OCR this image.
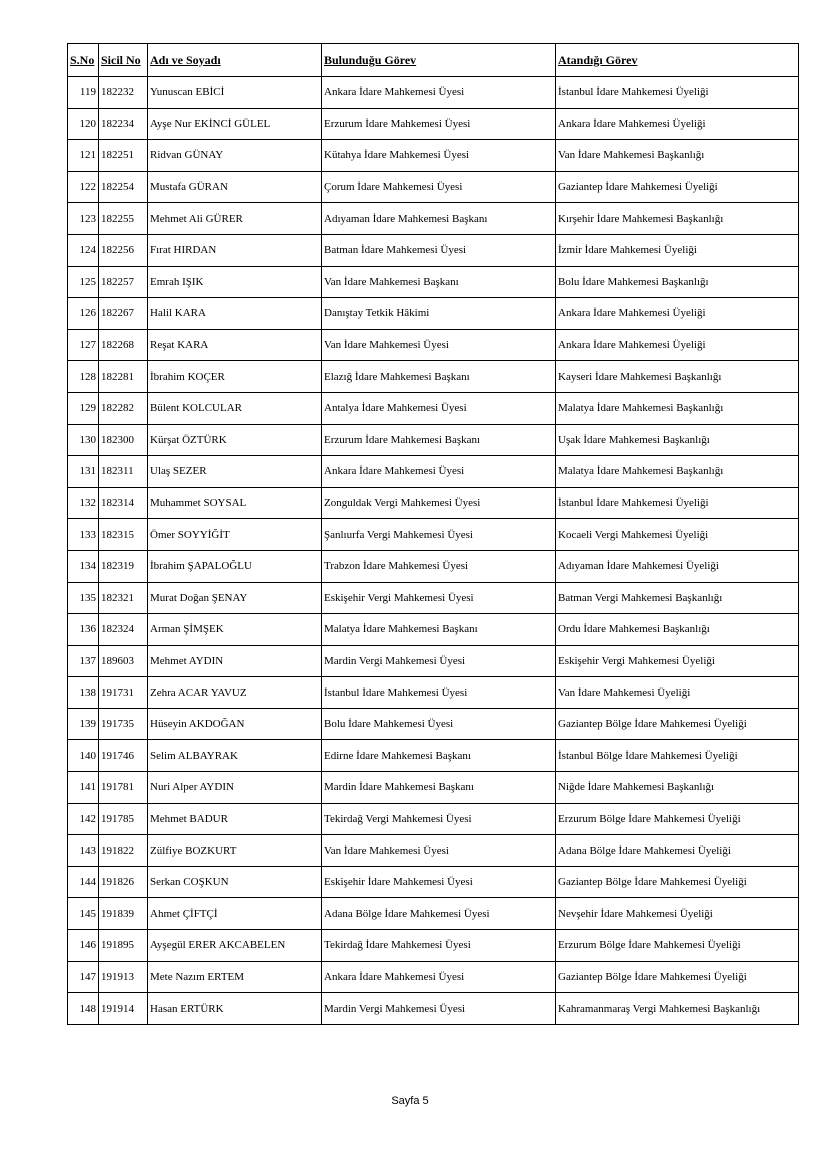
S.No	Sicil No	Adı ve Soyadı	Bulunduğu Görev	Atandığı Görev
119	182232	Yunuscan EBİCİ	Ankara İdare Mahkemesi Üyesi	İstanbul İdare Mahkemesi Üyeliği
120	182234	Ayşe Nur EKİNCİ GÜLEL	Erzurum İdare Mahkemesi Üyesi	Ankara İdare Mahkemesi Üyeliği
121	182251	Ridvan GÜNAY	Kütahya İdare Mahkemesi Üyesi	Van İdare Mahkemesi Başkanlığı
122	182254	Mustafa GÜRAN	Çorum İdare Mahkemesi Üyesi	Gaziantep İdare Mahkemesi Üyeliği
123	182255	Mehmet Ali GÜRER	Adıyaman İdare Mahkemesi Başkanı	Kırşehir İdare Mahkemesi Başkanlığı
124	182256	Fırat HIRDAN	Batman İdare Mahkemesi Üyesi	İzmir İdare Mahkemesi Üyeliği
125	182257	Emrah IŞIK	Van İdare Mahkemesi Başkanı	Bolu İdare Mahkemesi Başkanlığı
126	182267	Halil KARA	Danıştay Tetkik Hâkimi	Ankara İdare Mahkemesi Üyeliği
127	182268	Reşat KARA	Van İdare Mahkemesi Üyesi	Ankara İdare Mahkemesi Üyeliği
128	182281	İbrahim KOÇER	Elazığ İdare Mahkemesi Başkanı	Kayseri İdare Mahkemesi Başkanlığı
129	182282	Bülent KOLCULAR	Antalya İdare Mahkemesi Üyesi	Malatya İdare Mahkemesi Başkanlığı
130	182300	Kürşat ÖZTÜRK	Erzurum İdare Mahkemesi Başkanı	Uşak İdare Mahkemesi Başkanlığı
131	182311	Ulaş SEZER	Ankara İdare Mahkemesi Üyesi	Malatya İdare Mahkemesi Başkanlığı
132	182314	Muhammet SOYSAL	Zonguldak Vergi Mahkemesi Üyesi	İstanbul İdare Mahkemesi Üyeliği
133	182315	Ömer SOYYİĞİT	Şanlıurfa Vergi Mahkemesi Üyesi	Kocaeli Vergi Mahkemesi Üyeliği
134	182319	İbrahim ŞAPALOĞLU	Trabzon İdare Mahkemesi Üyesi	Adıyaman İdare Mahkemesi Üyeliği
135	182321	Murat Doğan ŞENAY	Eskişehir Vergi Mahkemesi Üyesi	Batman Vergi Mahkemesi Başkanlığı
136	182324	Arman ŞİMŞEK	Malatya İdare Mahkemesi Başkanı	Ordu İdare Mahkemesi Başkanlığı
137	189603	Mehmet AYDIN	Mardin Vergi Mahkemesi Üyesi	Eskişehir Vergi Mahkemesi Üyeliği
138	191731	Zehra ACAR YAVUZ	İstanbul İdare Mahkemesi Üyesi	Van İdare Mahkemesi Üyeliği
139	191735	Hüseyin AKDOĞAN	Bolu İdare Mahkemesi Üyesi	Gaziantep Bölge İdare Mahkemesi Üyeliği
140	191746	Selim ALBAYRAK	Edirne İdare Mahkemesi Başkanı	İstanbul Bölge İdare Mahkemesi Üyeliği
141	191781	Nuri Alper AYDIN	Mardin İdare Mahkemesi Başkanı	Niğde İdare Mahkemesi Başkanlığı
142	191785	Mehmet BADUR	Tekirdağ Vergi Mahkemesi Üyesi	Erzurum Bölge İdare Mahkemesi Üyeliği
143	191822	Zülfiye BOZKURT	Van İdare Mahkemesi Üyesi	Adana Bölge İdare Mahkemesi Üyeliği
144	191826	Serkan COŞKUN	Eskişehir İdare Mahkemesi Üyesi	Gaziantep Bölge İdare Mahkemesi Üyeliği
145	191839	Ahmet ÇİFTÇİ	Adana Bölge İdare Mahkemesi Üyesi	Nevşehir İdare Mahkemesi Üyeliği
146	191895	Ayşegül ERER AKCABELEN	Tekirdağ İdare Mahkemesi Üyesi	Erzurum Bölge İdare Mahkemesi Üyeliği
147	191913	Mete Nazım ERTEM	Ankara İdare Mahkemesi Üyesi	Gaziantep Bölge İdare Mahkemesi Üyeliği
148	191914	Hasan ERTÜRK	Mardin Vergi Mahkemesi Üyesi	Kahramanmaraş Vergi Mahkemesi Başkanlığı
Sayfa 5
